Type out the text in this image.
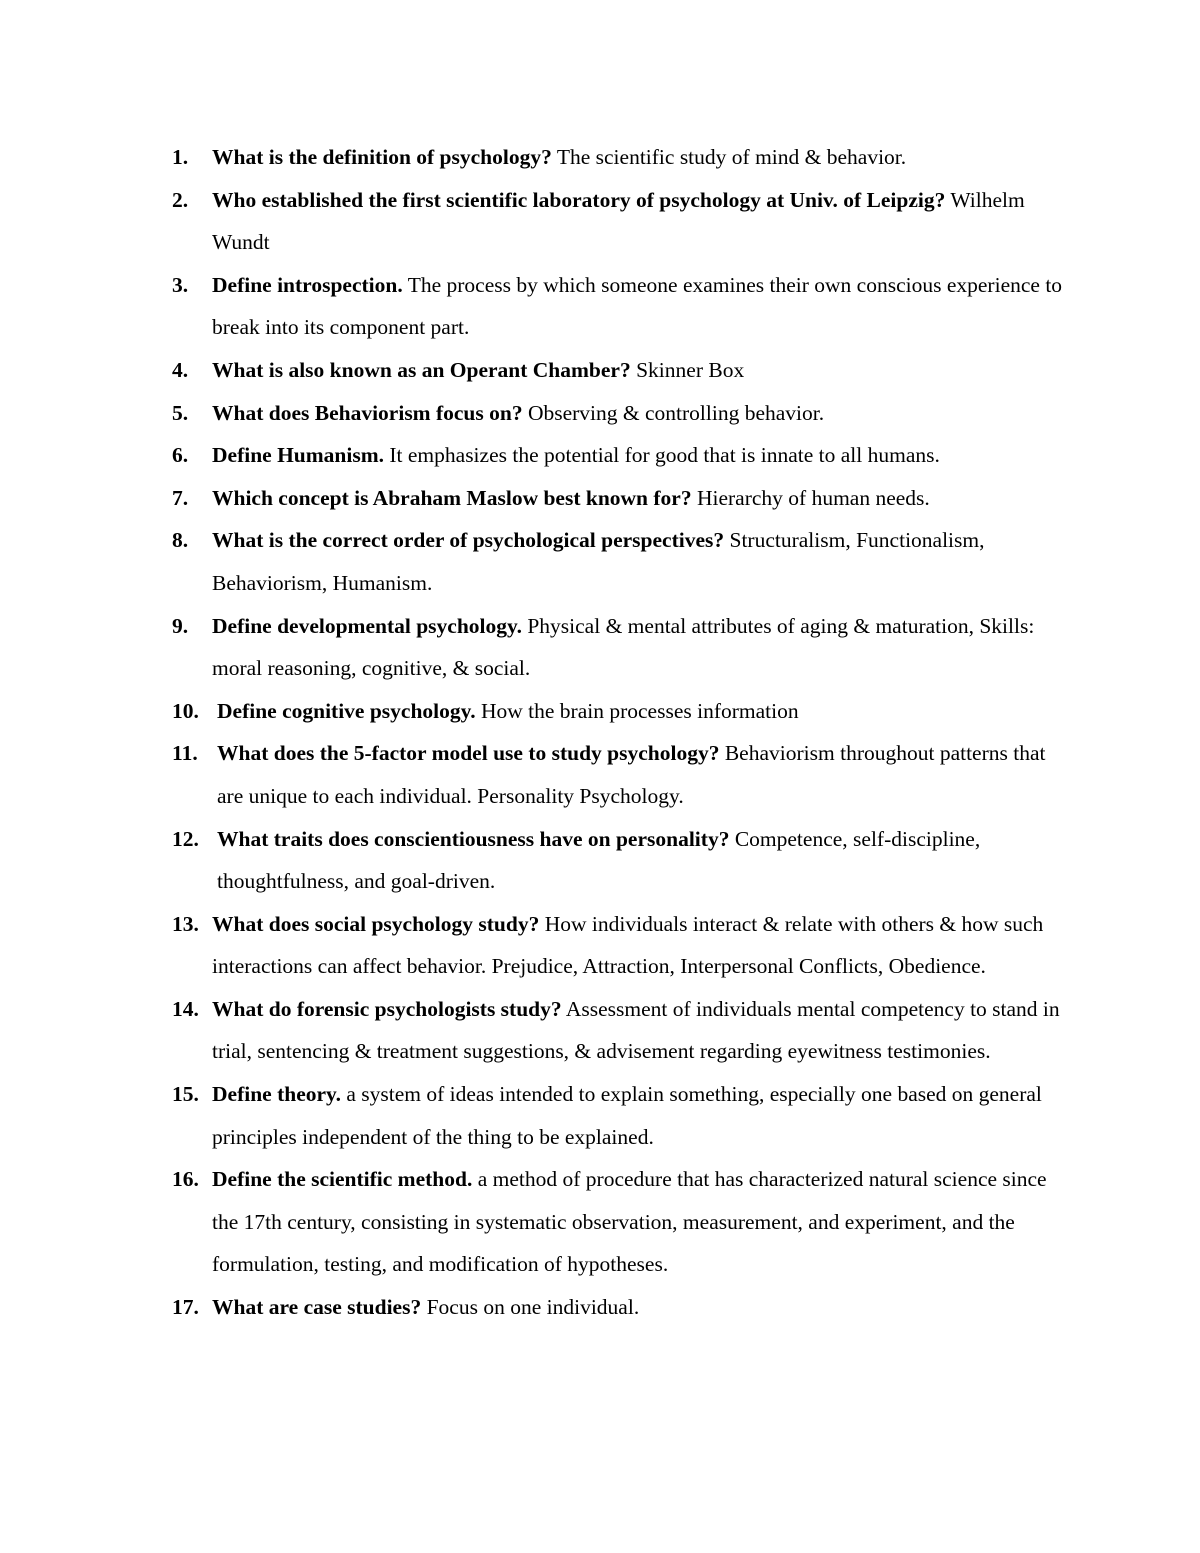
1.	What is the definition of psychology? The scientific study of mind & behavior.

2.	Who established the first scientific laboratory of psychology at Univ. of Leipzig? Wilhelm Wundt

3.	Define introspection. The process by which someone examines their own conscious experience to break into its component part.

4.	What is also known as an Operant Chamber? Skinner Box

5.	What does Behaviorism focus on? Observing & controlling behavior.

6.	Define Humanism. It emphasizes the potential for good that is innate to all humans.

7.	Which concept is Abraham Maslow best known for? Hierarchy of human needs.

8.	What is the correct order of psychological perspectives? Structuralism, Functionalism, Behaviorism, Humanism.

9.	Define developmental psychology. Physical & mental attributes of aging & maturation, Skills: moral reasoning, cognitive, & social.

10. Define cognitive psychology. How the brain processes information

11. What does the 5-factor model use to study psychology? Behaviorism throughout patterns that are unique to each individual. Personality Psychology.

12. What traits does conscientiousness have on personality? Competence, self-discipline, thoughtfulness, and goal-driven.

13. What does social psychology study? How individuals interact & relate with others & how such interactions can affect behavior. Prejudice, Attraction, Interpersonal Conflicts, Obedience.

14. What do forensic psychologists study? Assessment of individuals mental competency to stand in trial, sentencing & treatment suggestions, & advisement regarding eyewitness testimonies.

15. Define theory. a system of ideas intended to explain something, especially one based on general principles independent of the thing to be explained.

16. Define the scientific method. a method of procedure that has characterized natural science since the 17th century, consisting in systematic observation, measurement, and experiment, and the formulation, testing, and modification of hypotheses.

17. What are case studies? Focus on one individual.
